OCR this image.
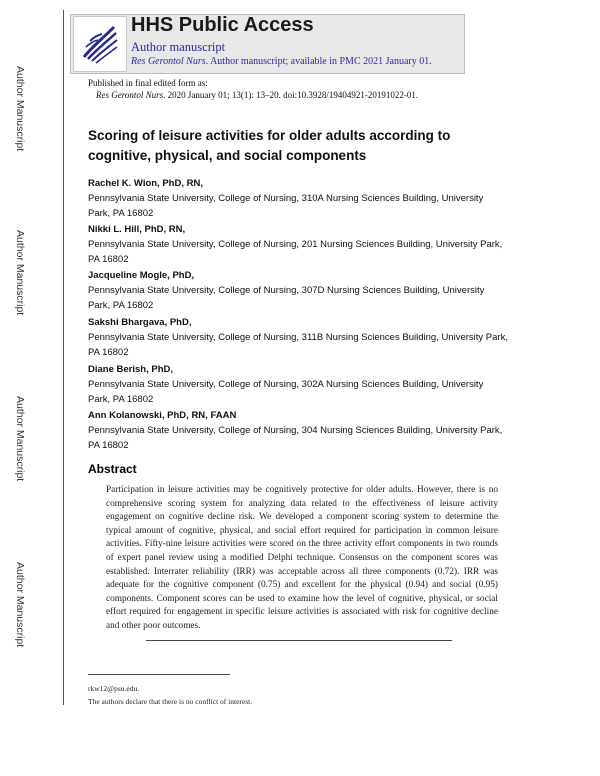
Author Manuscript
Author Manuscript
Author Manuscript
Author Manuscript
HHS Public Access
Author manuscript
Res Gerontol Nurs. Author manuscript; available in PMC 2021 January 01.
Published in final edited form as:
Res Gerontol Nurs. 2020 January 01; 13(1): 13–20. doi:10.3928/19404921-20191022-01.
Scoring of leisure activities for older adults according to cognitive, physical, and social components
Rachel K. Wion, PhD, RN,
Pennsylvania State University, College of Nursing, 310A Nursing Sciences Building, University Park, PA 16802
Nikki L. Hill, PhD, RN,
Pennsylvania State University, College of Nursing, 201 Nursing Sciences Building, University Park, PA 16802
Jacqueline Mogle, PhD,
Pennsylvania State University, College of Nursing, 307D Nursing Sciences Building, University Park, PA 16802
Sakshi Bhargava, PhD,
Pennsylvania State University, College of Nursing, 311B Nursing Sciences Building, University Park, PA 16802
Diane Berish, PhD,
Pennsylvania State University, College of Nursing, 302A Nursing Sciences Building, University Park, PA 16802
Ann Kolanowski, PhD, RN, FAAN
Pennsylvania State University, College of Nursing, 304 Nursing Sciences Building, University Park, PA 16802
Abstract
Participation in leisure activities may be cognitively protective for older adults. However, there is no comprehensive scoring system for analyzing data related to the effectiveness of leisure activity engagement on cognitive decline risk. We developed a component scoring system to determine the typical amount of cognitive, physical, and social effort required for participation in common leisure activities. Fifty-nine leisure activities were scored on the three activity effort components in two rounds of expert panel review using a modified Delphi technique. Consensus on the component scores was established. Interrater reliability (IRR) was acceptable across all three components (0.72). IRR was adequate for the cognitive component (0.75) and excellent for the physical (0.94) and social (0.95) components. Component scores can be used to examine how the level of cognitive, physical, or social effort required for engagement in specific leisure activities is associated with risk for cognitive decline and other poor outcomes.
rkw12@psu.edu.
The authors declare that there is no conflict of interest.
